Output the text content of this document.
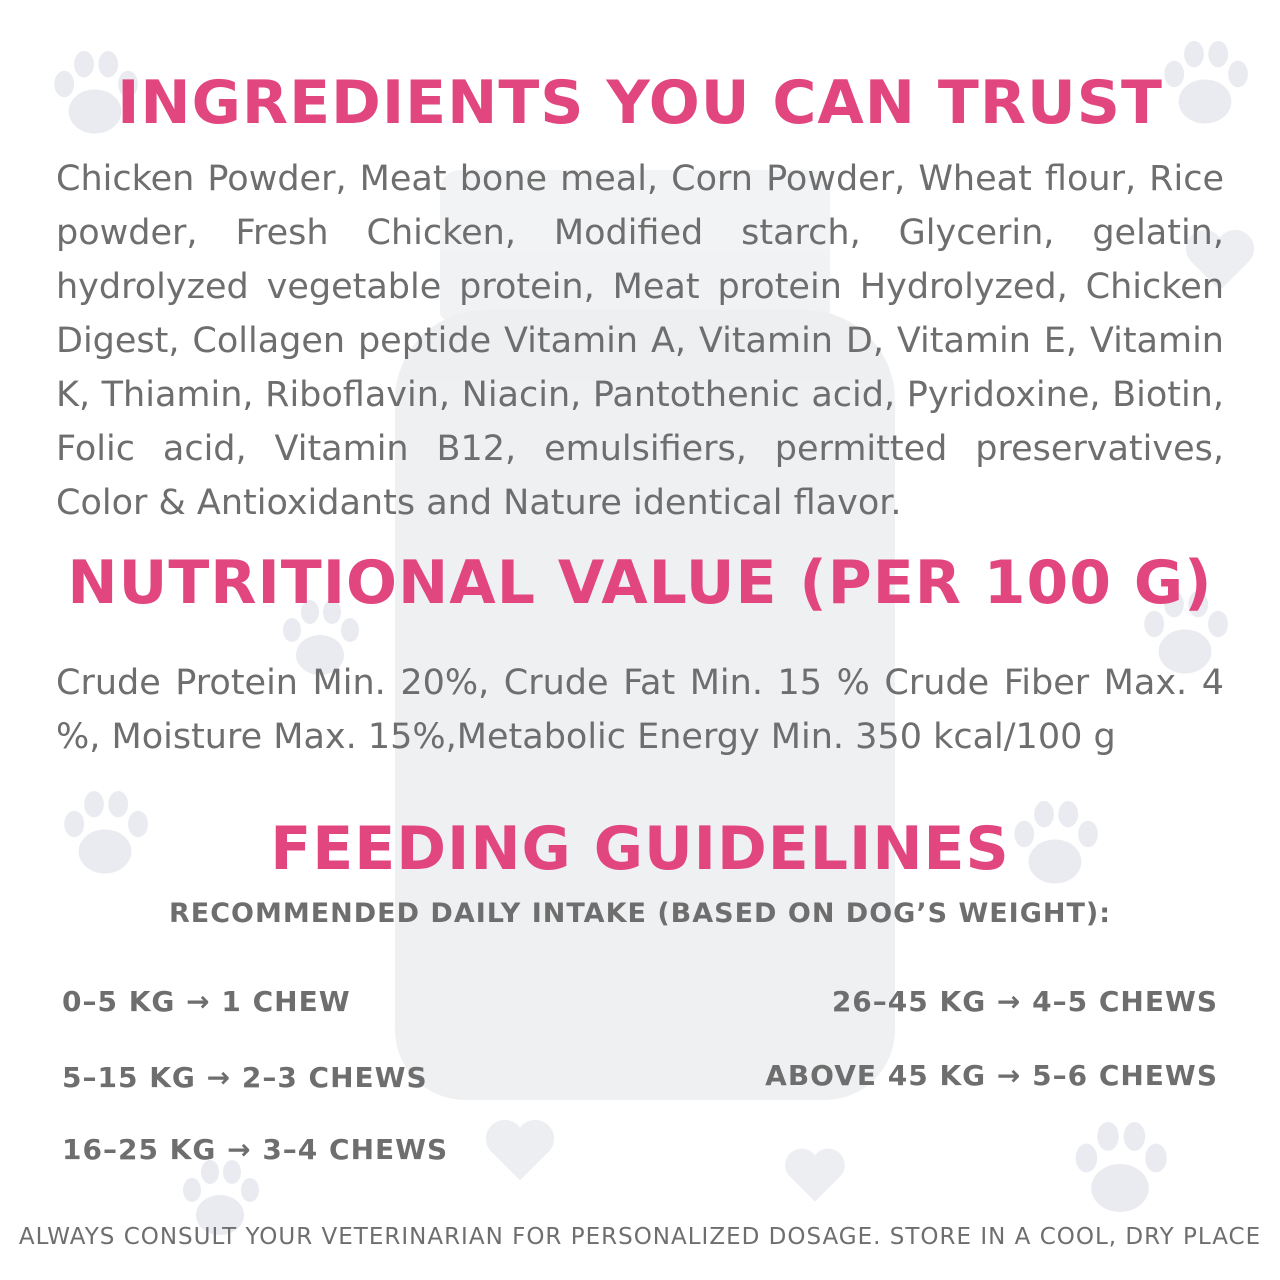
INGREDIENTS YOU CAN TRUST
Chicken Powder, Meat bone meal, Corn Powder, Wheat flour, Rice powder, Fresh Chicken, Modified starch, Glycerin, gelatin, hydrolyzed vegetable protein, Meat protein Hydrolyzed, Chicken Digest, Collagen peptide Vitamin A, Vitamin D, Vitamin E, Vitamin K, Thiamin, Riboflavin, Niacin, Pantothenic acid, Pyridoxine, Biotin, Folic acid, Vitamin B12, emulsifiers, permitted preservatives, Color & Antioxidants and Nature identical flavor.
NUTRITIONAL VALUE (PER 100 G)
Crude Protein Min. 20%, Crude Fat Min. 15 % Crude Fiber Max. 4 %, Moisture Max. 15%,Metabolic Energy Min. 350 kcal/100 g
FEEDING GUIDELINES
RECOMMENDED DAILY INTAKE (BASED ON DOG’S WEIGHT):
0–5 KG → 1 CHEW
5–15 KG → 2–3 CHEWS
16–25 KG → 3–4 CHEWS
26–45 KG → 4–5 CHEWS
ABOVE 45 KG → 5–6 CHEWS
ALWAYS CONSULT YOUR VETERINARIAN FOR PERSONALIZED DOSAGE. STORE IN A COOL, DRY PLACE
